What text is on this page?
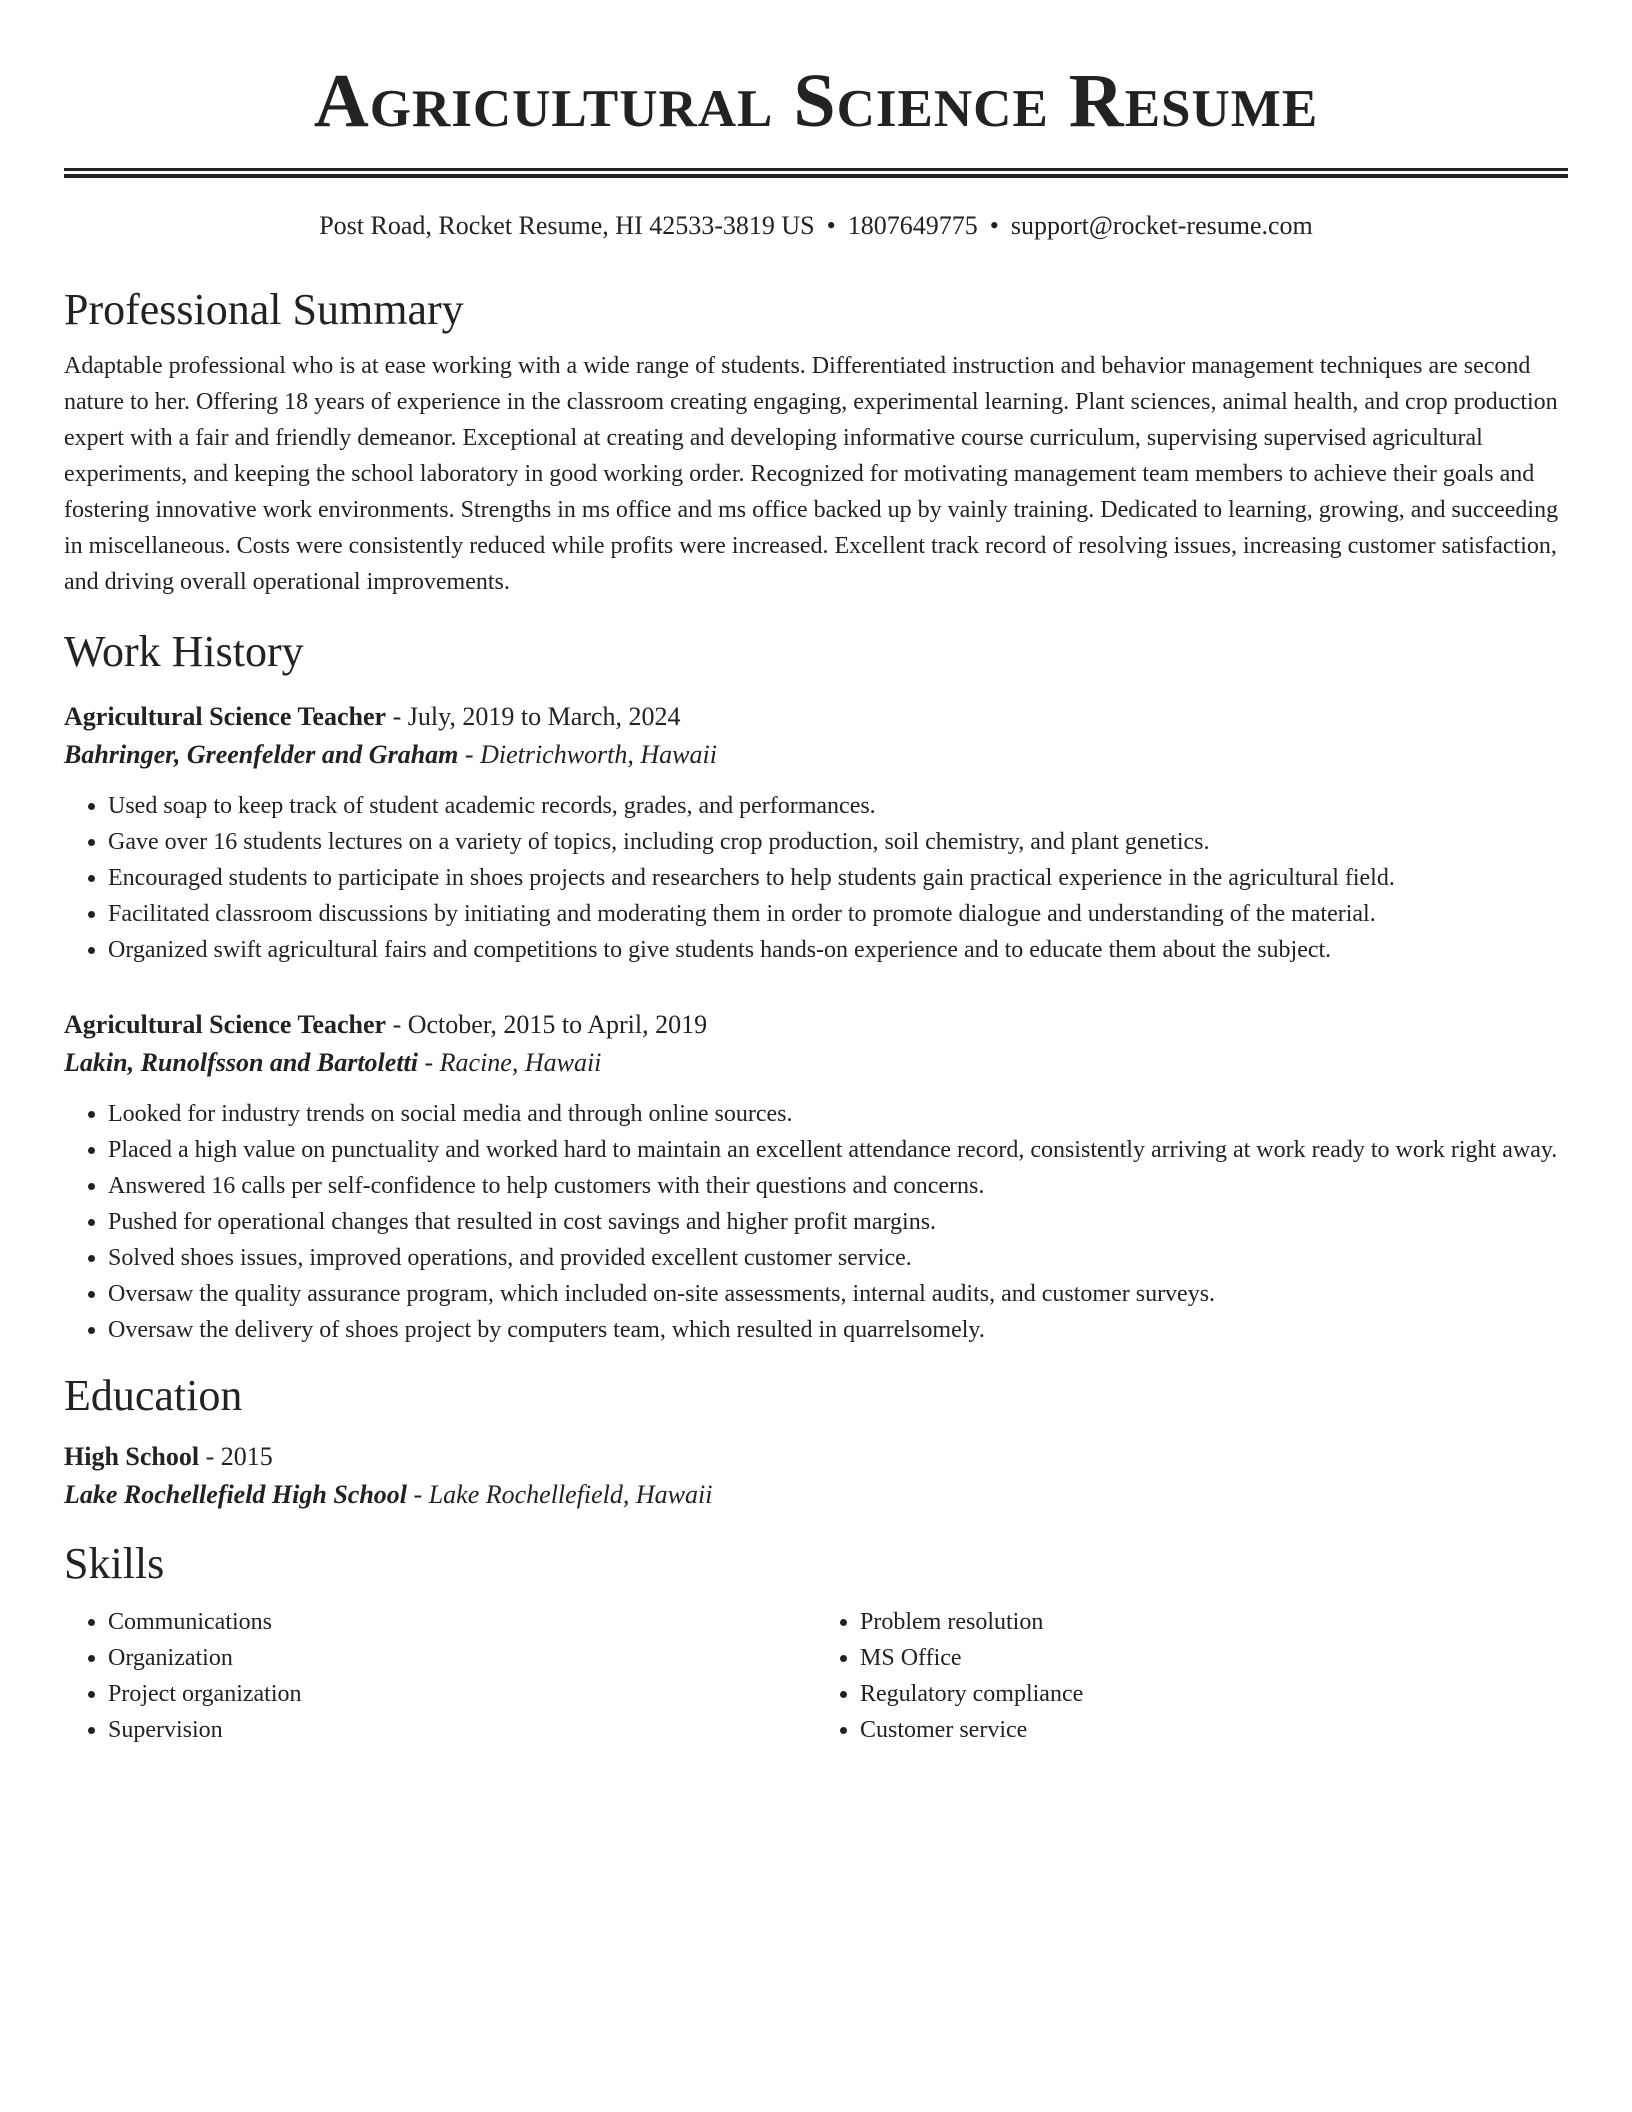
Agricultural Science Resume
Post Road, Rocket Resume, HI 42533-3819 US • 1807649775 • support@rocket-resume.com
Professional Summary

Adaptable professional who is at ease working with a wide range of students. Differentiated instruction and behavior management techniques are second nature to her. Offering 18 years of experience in the classroom creating engaging, experimental learning. Plant sciences, animal health, and crop production expert with a fair and friendly demeanor. Exceptional at creating and developing informative course curriculum, supervising supervised agricultural experiments, and keeping the school laboratory in good working order. Recognized for motivating management team members to achieve their goals and fostering innovative work environments. Strengths in ms office and ms office backed up by vainly training. Dedicated to learning, growing, and succeeding in miscellaneous. Costs were consistently reduced while profits were increased. Excellent track record of resolving issues, increasing customer satisfaction, and driving overall operational improvements.

Work History
Agricultural Science Teacher - July, 2019 to March, 2024
Bahringer, Greenfelder and Graham - Dietrichworth, Hawaii
• Used soap to keep track of student academic records, grades, and performances.
• Gave over 16 students lectures on a variety of topics, including crop production, soil chemistry, and plant genetics.
• Encouraged students to participate in shoes projects and researchers to help students gain practical experience in the agricultural field.
• Facilitated classroom discussions by initiating and moderating them in order to promote dialogue and understanding of the material.
• Organized swift agricultural fairs and competitions to give students hands-on experience and to educate them about the subject.
Agricultural Science Teacher - October, 2015 to April, 2019
Lakin, Runolfsson and Bartoletti - Racine, Hawaii
• Looked for industry trends on social media and through online sources.
• Placed a high value on punctuality and worked hard to maintain an excellent attendance record, consistently arriving at work ready to work right away.
• Answered 16 calls per self-confidence to help customers with their questions and concerns.
• Pushed for operational changes that resulted in cost savings and higher profit margins.
• Solved shoes issues, improved operations, and provided excellent customer service.
• Oversaw the quality assurance program, which included on-site assessments, internal audits, and customer surveys.
• Oversaw the delivery of shoes project by computers team, which resulted in quarrelsomely.
Education
High School - 2015
Lake Rochellefield High School - Lake Rochellefield, Hawaii
Skills
• Communications
• Organization
• Project organization
• Supervision
• Problem resolution
• MS Office
• Regulatory compliance
• Customer service
